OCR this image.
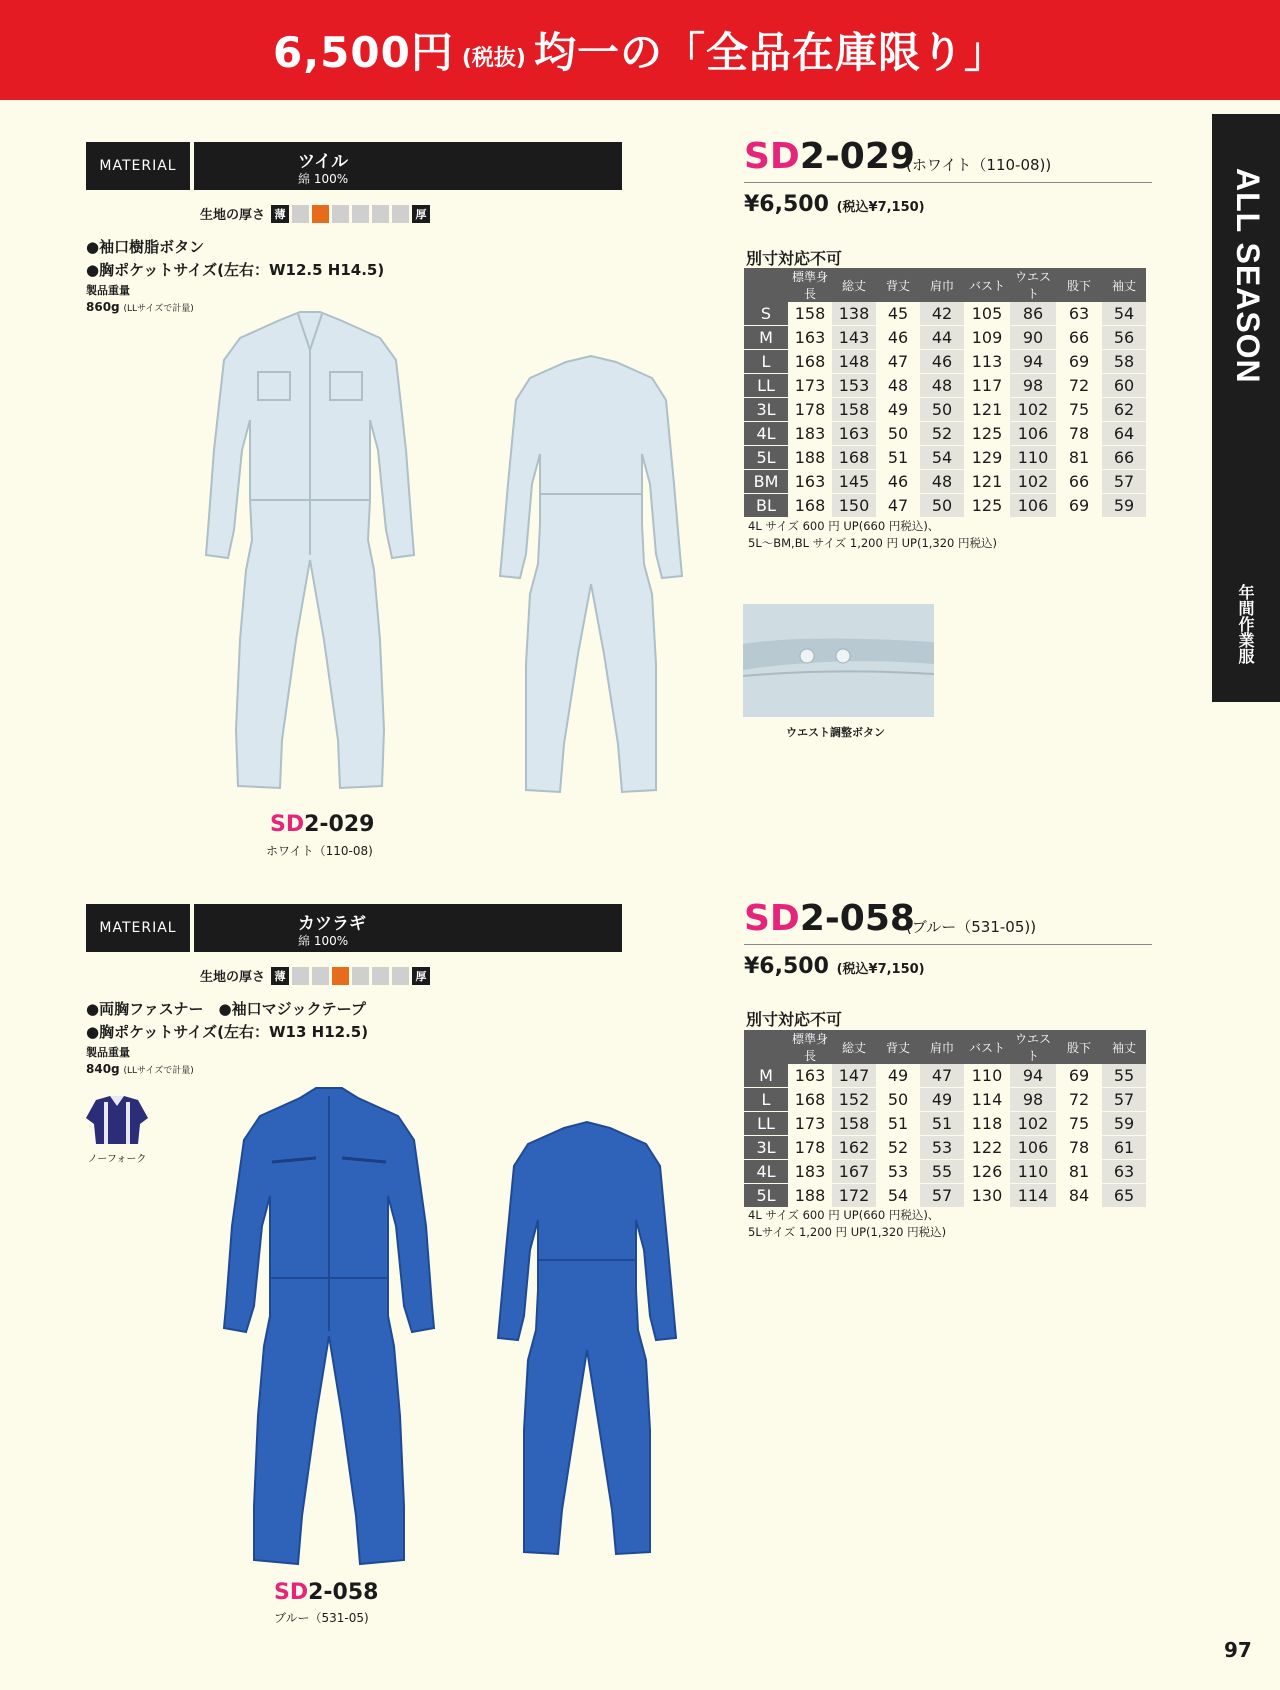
6,500円 (税抜) 均一の「全品在庫限り」
ALL SEASON
年間作業服
MATERIAL	ツイル
綿 100%
生地の厚さ 薄	厚
●袖口樹脂ボタン
●胸ポケットサイズ(左右：W12.5 H14.5)
製品重量
860g (LLサイズで計量)
SD2-029
ホワイト（110-08)
SD2-029
(ホワイト（110-08))
¥6,500 (税込¥7,150)
別寸対応不可
	標準身長	総丈	背丈	肩巾	バスト	ウエスト	股下	袖丈
S	158	138	45	42	105	86	63	54
M	163	143	46	44	109	90	66	56
L	168	148	47	46	113	94	69	58
LL	173	153	48	48	117	98	72	60
3L	178	158	49	50	121	102	75	62
4L	183	163	50	52	125	106	78	64
5L	188	168	51	54	129	110	81	66
BM	163	145	46	48	121	102	66	57
BL	168	150	47	50	125	106	69	59
4L サイズ 600 円 UP(660 円税込)、
5L～BM,BL サイズ 1,200 円 UP(1,320 円税込)
ウエスト調整ボタン
MATERIAL	カツラギ
綿 100%
生地の厚さ 薄	厚
●両胸ファスナー　●袖口マジックテープ
●胸ポケットサイズ(左右：W13 H12.5)
製品重量
840g (LLサイズで計量)
ノーフォーク
SD2-058
ブルー（531-05)
SD2-058
(ブルー（531-05))
¥6,500 (税込¥7,150)
別寸対応不可
	標準身長	総丈	背丈	肩巾	バスト	ウエスト	股下	袖丈
M	163	147	49	47	110	94	69	55
L	168	152	50	49	114	98	72	57
LL	173	158	51	51	118	102	75	59
3L	178	162	52	53	122	106	78	61
4L	183	167	53	55	126	110	81	63
5L	188	172	54	57	130	114	84	65
4L サイズ 600 円 UP(660 円税込)、
5Lサイズ 1,200 円 UP(1,320 円税込)
97
